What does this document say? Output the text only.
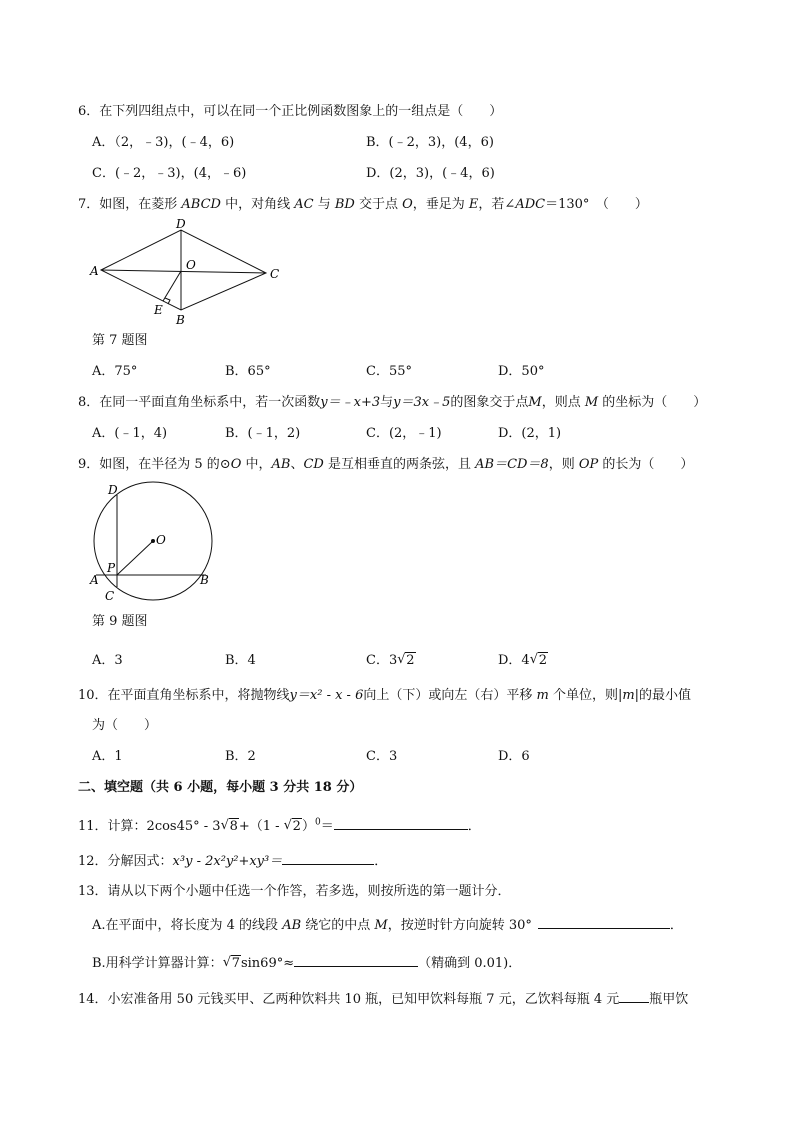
6．在下列四组点中，可以在同一个正比例函数图象上的一组点是（　　）
A．（2，﹣3)，(﹣4，6)	B．(﹣2，3)，(4，6)
C．(﹣2，﹣3)，(4，﹣6)	D．(2，3)，(﹣4，6)
7．如图，在菱形 ABCD 中，对角线 AC 与 BD 交于点 O，垂足为 E，若∠ADC＝130°　（　　）
A
D
C
O
E
B
第 7 题图
A．75°	B．65°	C．55°	D．50°
8．在同一平面直角坐标系中，若一次函数y＝﹣x+3与y＝3x﹣5的图象交于点M，则点 M 的坐标为（　　）
A．(﹣1，4)	B．(﹣1，2)	C．(2，﹣1)	D．(2，1)
9．如图，在半径为 5 的⊙O 中，AB、CD 是互相垂直的两条弦，且 AB＝CD＝8，则 OP 的长为（　　）
D
O
P
A	B
C
第 9 题图
A．3	B．4	C．3 √ 2	D．4 √ 2
10．在平面直角坐标系中，将抛物线y＝x² - x - 6向上（下）或向左（右）平移 m 个单位，则|m|的最小值
为（　　）
A．1	B．2	C．3	D．6
二、填空题（共 6 小题，每小题 3 分共 18 分）
11．计算：2cos45° - 3 √ 8+（1 - √ 2）$^0$＝	．
12．分解因式：x³y - 2x²y²+xy³＝	．
13．请从以下两个小题中任选一个作答，若多选，则按所选的第一题计分．
A.在平面中，将长度为 4 的线段 AB 绕它的中点 M，按逆时针方向旋转 30°	．
B.用科学计算器计算： √ 7sin69°≈	（精确到 0.01)．
14．小宏准备用 50 元钱买甲、乙两种饮料共 10 瓶，已知甲饮料每瓶 7 元，乙饮料每瓶 4 元 瓶甲饮
